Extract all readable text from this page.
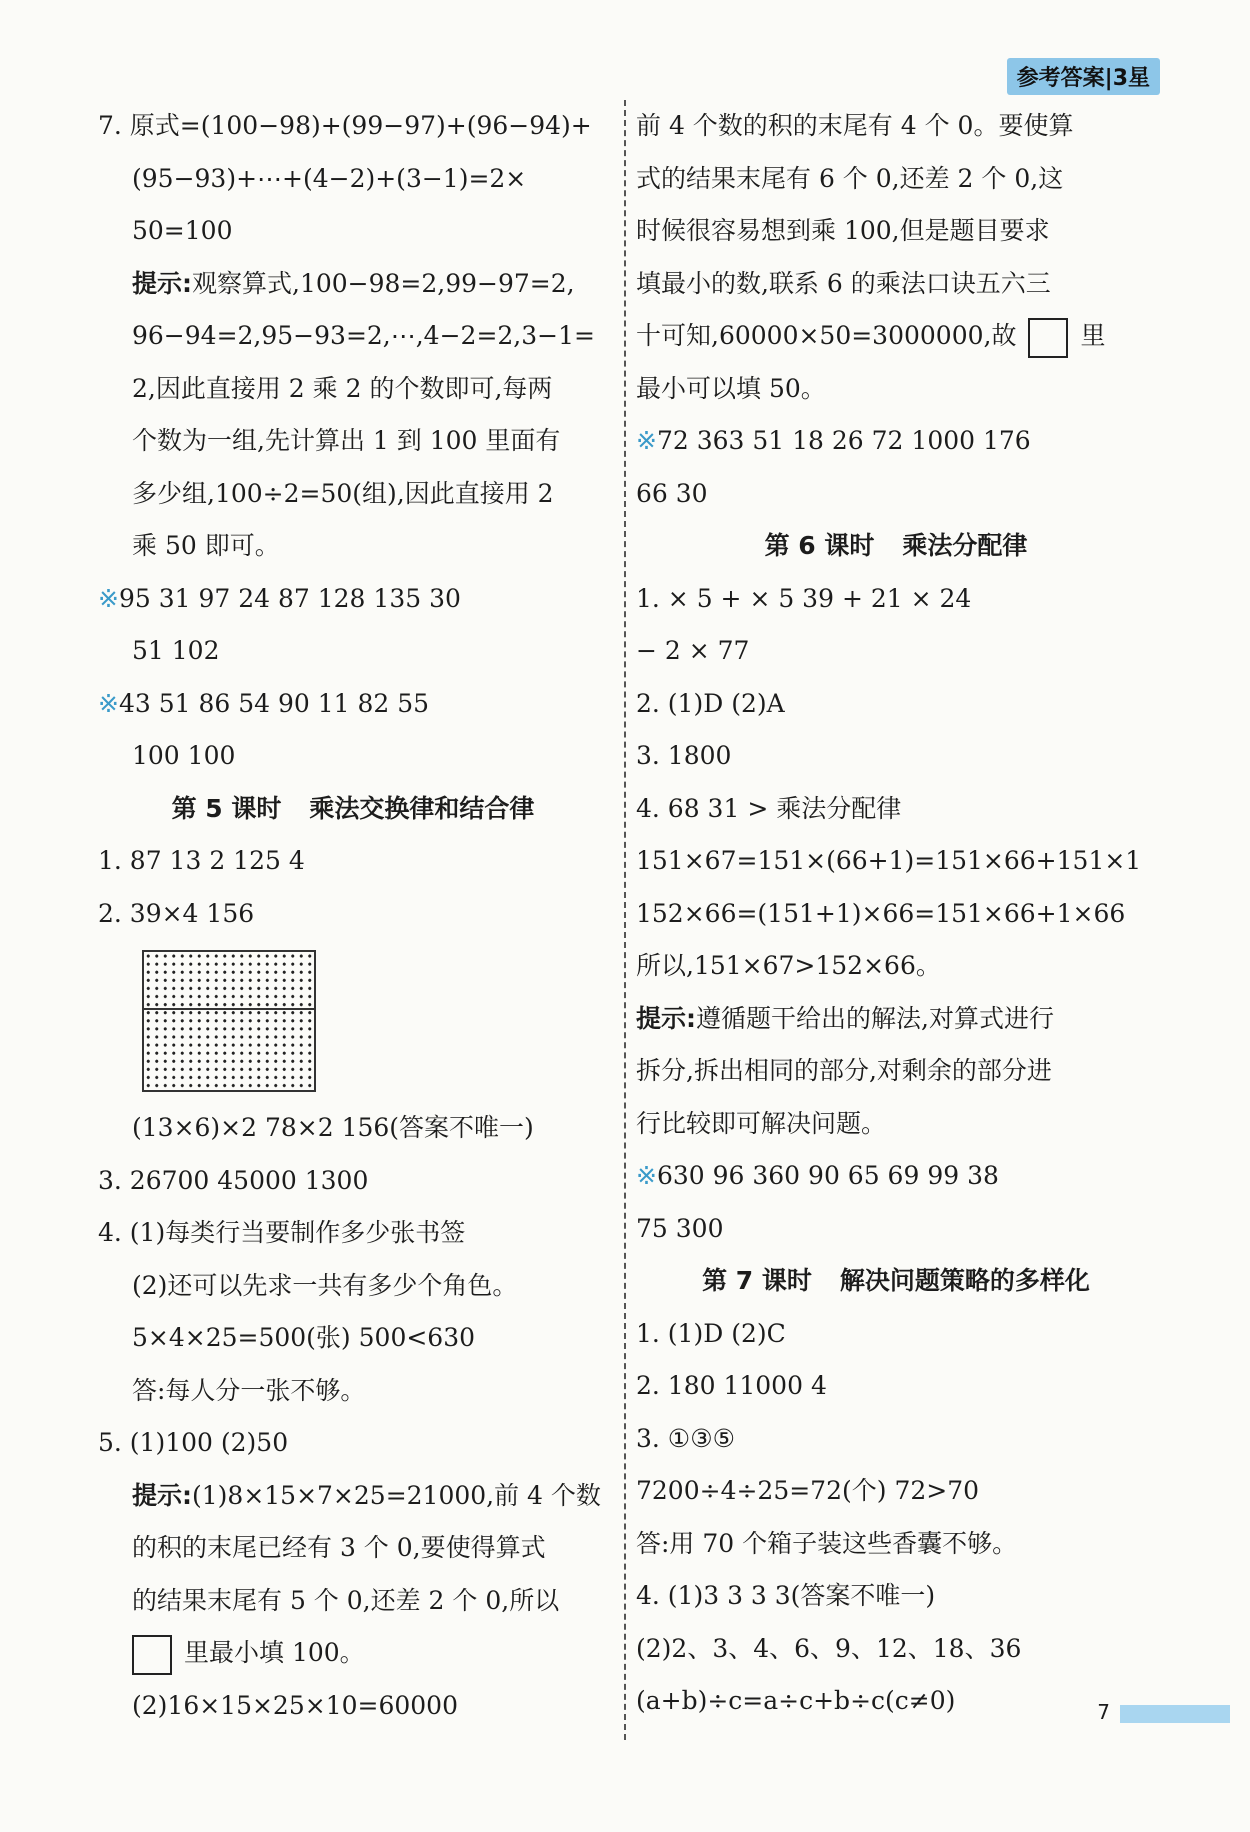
参考答案|3星
7. 原式=(100−98)+(99−97)+(96−94)+
(95−93)+⋯+(4−2)+(3−1)=2×
50=100
提示:观察算式,100−98=2,99−97=2,
96−94=2,95−93=2,⋯,4−2=2,3−1=
2,因此直接用 2 乘 2 的个数即可,每两
个数为一组,先计算出 1 到 100 里面有
多少组,100÷2=50(组),因此直接用 2
乘 50 即可。
※95 31 97 24 87 128 135 30
51 102
※43 51 86 54 90 11 82 55
100 100
第 5 课时 乘法交换律和结合律
1. 87 13 2 125 4
2. 39×4 156
(13×6)×2 78×2 156(答案不唯一)
3. 26700 45000 1300
4. (1)每类行当要制作多少张书签
(2)还可以先求一共有多少个角色。
5×4×25=500(张) 500<630
答:每人分一张不够。
5. (1)100 (2)50
提示:(1)8×15×7×25=21000,前 4 个数
的积的末尾已经有 3 个 0,要使得算式
的结果末尾有 5 个 0,还差 2 个 0,所以
里最小填 100。
(2)16×15×25×10=60000
前 4 个数的积的末尾有 4 个 0。要使算
式的结果末尾有 6 个 0,还差 2 个 0,这
时候很容易想到乘 100,但是题目要求
填最小的数,联系 6 的乘法口诀五六三
十可知,60000×50=3000000,故	里
最小可以填 50。
※72 363 51 18 26 72 1000 176
66 30
第 6 课时 乘法分配律
1. × 5 + × 5 39 + 21 × 24
− 2 × 77
2. (1)D (2)A
3. 1800
4. 68 31 > 乘法分配律
151×67=151×(66+1)=151×66+151×1
152×66=(151+1)×66=151×66+1×66
所以,151×67>152×66。
提示:遵循题干给出的解法,对算式进行
拆分,拆出相同的部分,对剩余的部分进
行比较即可解决问题。
※630 96 360 90 65 69 99 38
75 300
第 7 课时 解决问题策略的多样化
1. (1)D (2)C
2. 180 11000 4
3. ①③⑤
7200÷4÷25=72(个) 72>70
答:用 70 个箱子装这些香囊不够。
4. (1)3 3 3 3(答案不唯一)
(2)2、3、4、6、9、12、18、36
(a+b)÷c=a÷c+b÷c(c≠0)	7
